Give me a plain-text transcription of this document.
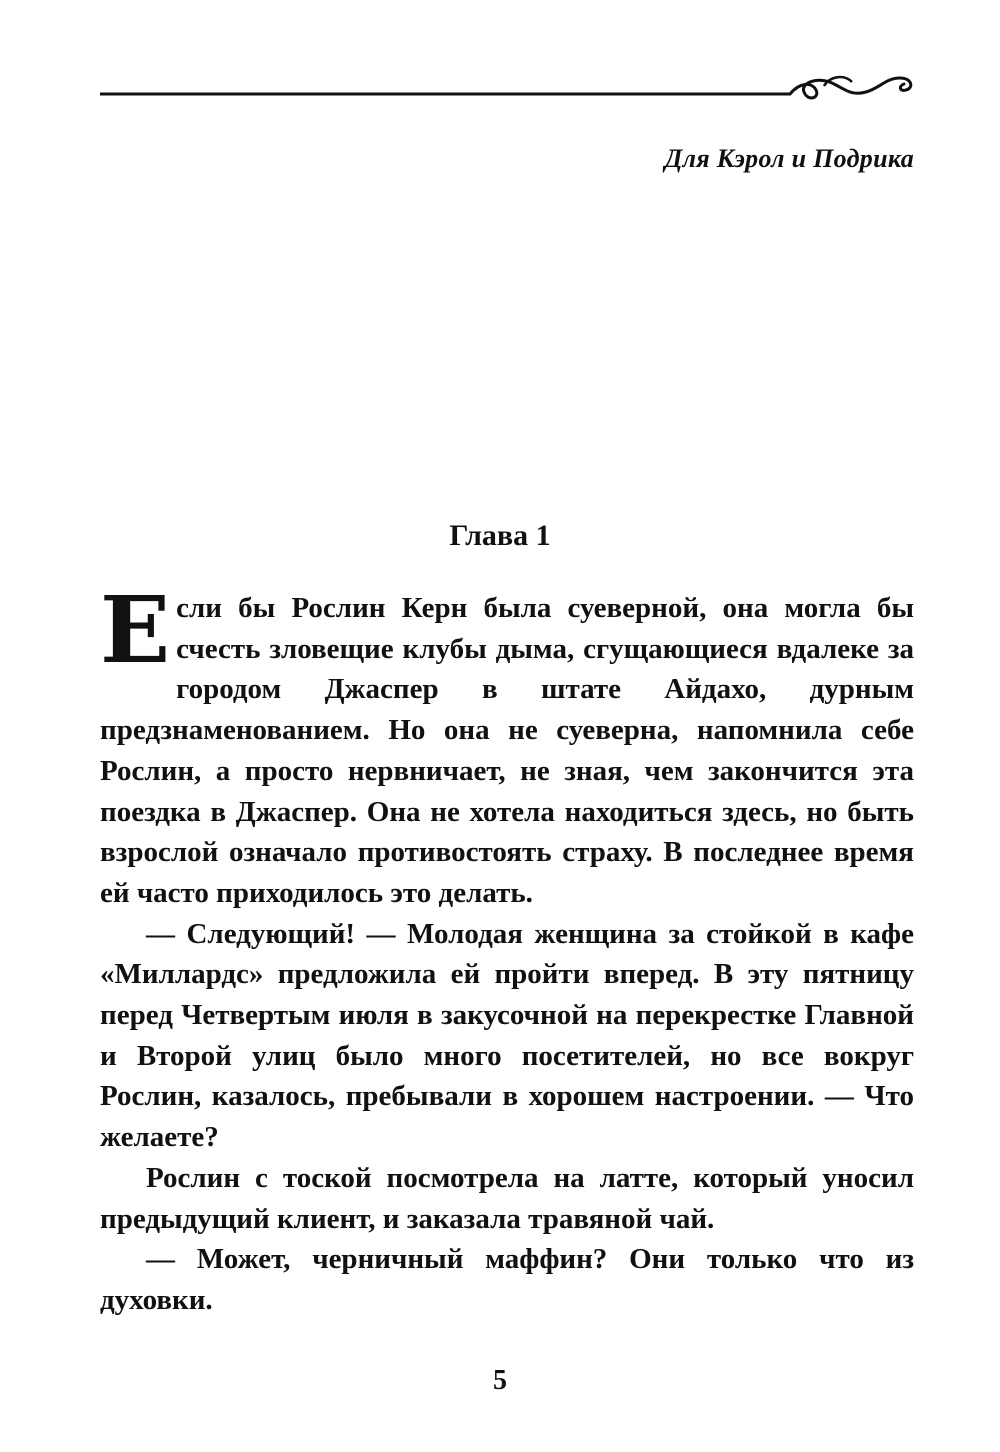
Для Кэрол и Подрика
Глава 1

Если бы Рослин Керн была суеверной, она могла бы счесть зловещие клубы дыма, сгущающиеся вдалеке за городом Джаспер в штате Айдахо, дурным предзнаменованием. Но она не суеверна, напомнила себе Рослин, а просто нервничает, не зная, чем закончится эта поездка в Джаспер. Она не хотела находиться здесь, но быть взрослой означало противостоять страху. В последнее время ей часто приходилось это делать.

— Следующий! — Молодая женщина за стойкой в кафе «Миллардс» предложила ей пройти вперед. В эту пятницу перед Четвертым июля в закусочной на перекрестке Главной и Второй улиц было много посетителей, но все вокруг Рослин, казалось, пребывали в хорошем настроении. — Что желаете?

Рослин с тоской посмотрела на латте, который уносил предыдущий клиент, и заказала травяной чай.

— Может, черничный маффин? Они только что из духовки.

5
